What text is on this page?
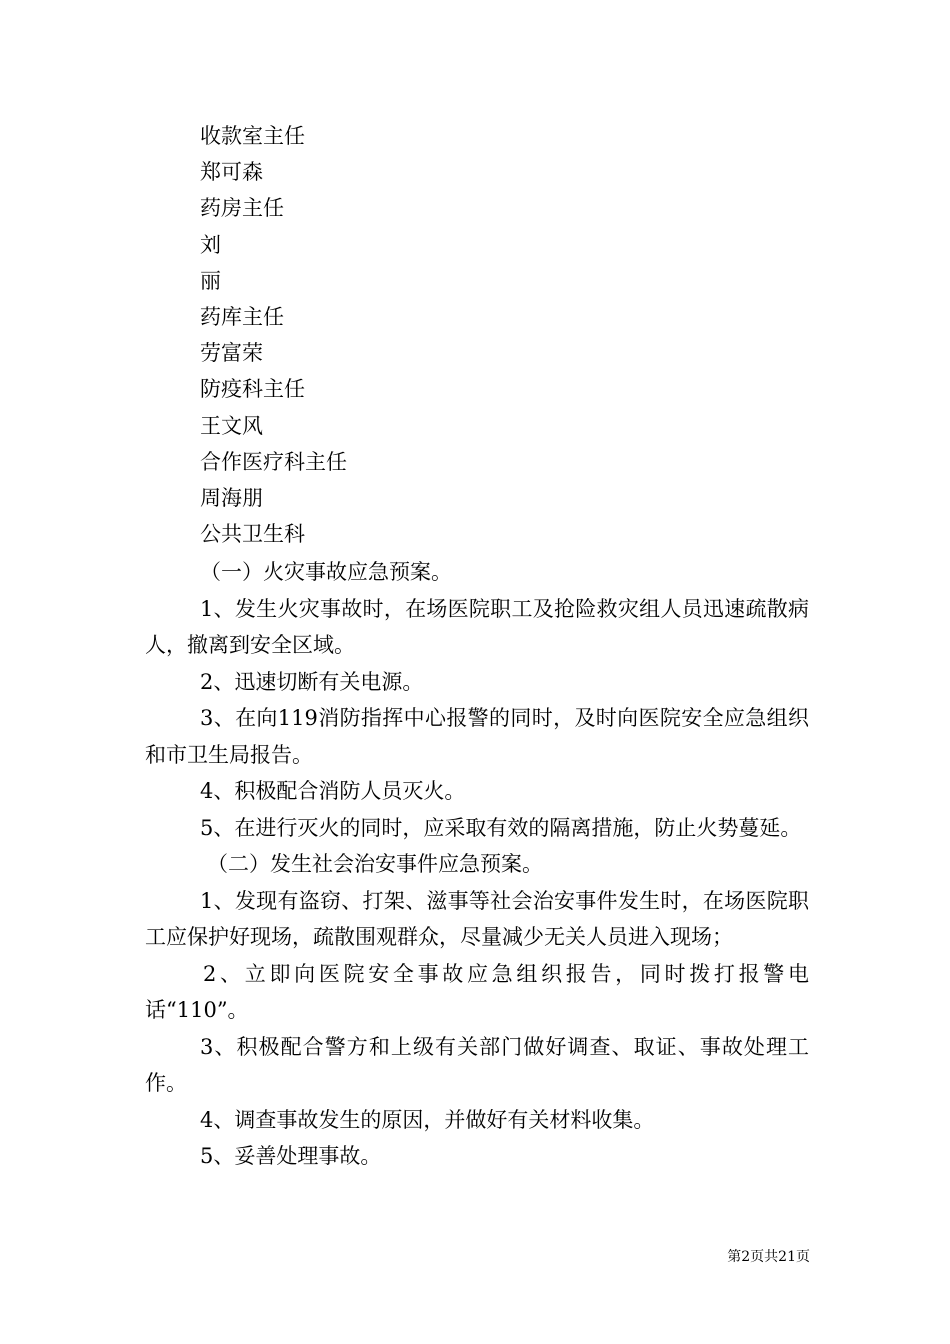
收款室主任
郑可森
药房主任
刘
丽
药库主任
劳富荣
防疫科主任
王文风
合作医疗科主任
周海朋
公共卫生科

（一）火灾事故应急预案。

1、发生火灾事故时，在场医院职工及抢险救灾组人员迅速疏散病人，撤离到安全区域。

2、迅速切断有关电源。

3、在向119消防指挥中心报警的同时，及时向医院安全应急组织和市卫生局报告。

4、积极配合消防人员灭火。

5、在进行灭火的同时，应采取有效的隔离措施，防止火势蔓延。

（二）发生社会治安事件应急预案。

1、发现有盗窃、打架、滋事等社会治安事件发生时，在场医院职工应保护好现场，疏散围观群众，尽量减少无关人员进入现场；

2、立即向医院安全事故应急组织报告，同时拨打报警电话“110”。

3、积极配合警方和上级有关部门做好调查、取证、事故处理工作。

4、调查事故发生的原因，并做好有关材料收集。

5、妥善处理事故。

第2页共21页
